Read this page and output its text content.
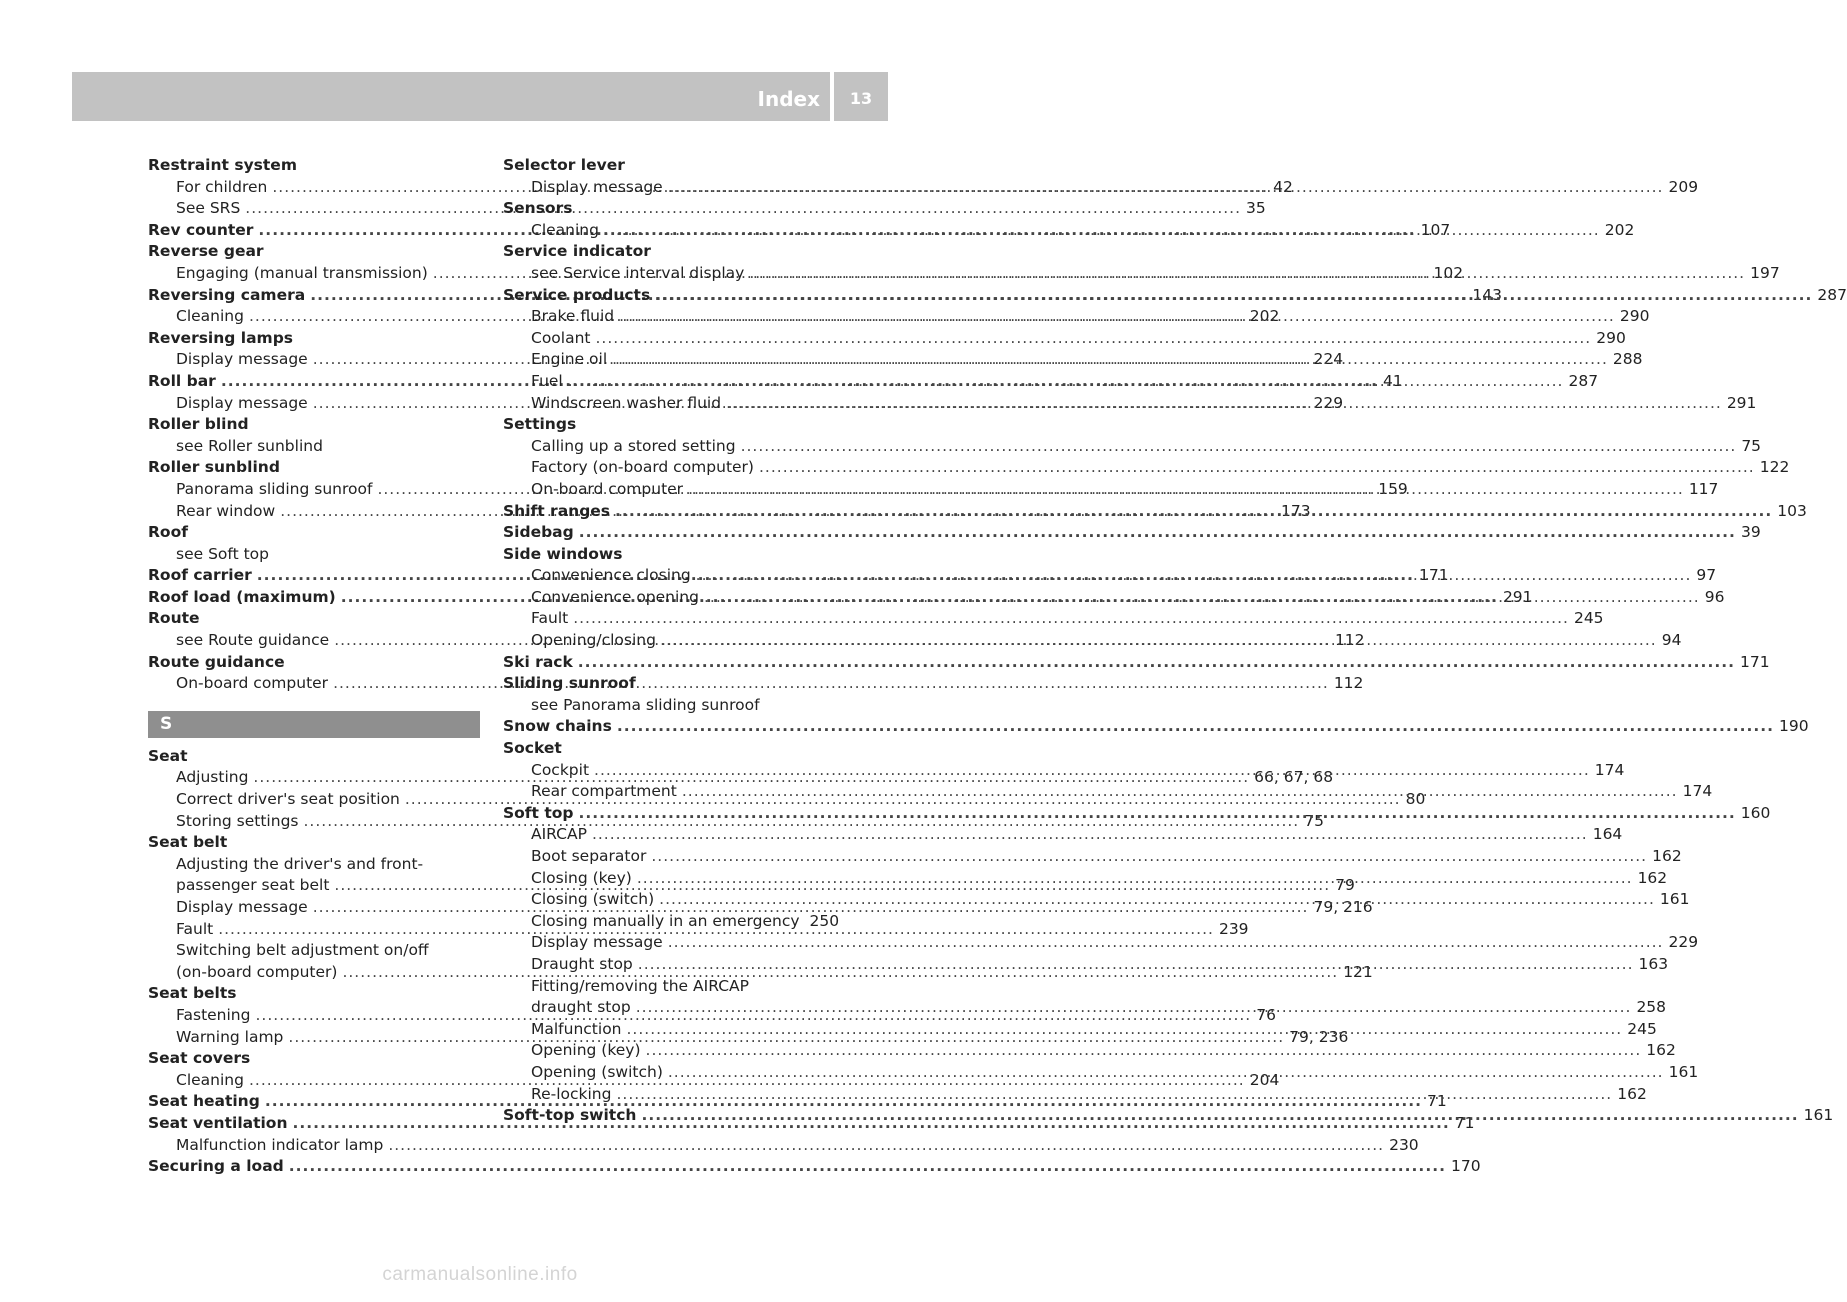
Index	13
Restraint system
For children .....	42
See SRS .....	35
Rev counter .....	107
Reverse gear
Engaging (manual transmission) .....	102
Reversing camera .....	143
Cleaning .....	202
Reversing lamps
Display message .....	224
Roll bar .....	41
Display message .....	229
Roller blind
see Roller sunblind
Roller sunblind
Panorama sliding sunroof .....	159
Rear window .....	173
Roof
see Soft top
Roof carrier .....	171
Roof load (maximum) .....	291
Route
see Route guidance .....	112
Route guidance
On-board computer .....	112
S
Seat
Adjusting .....	66, 67, 68
Correct driver's seat position .....	80
Storing settings .....	75
Seat belt
Adjusting the driver's and front-
passenger seat belt .....	79
Display message .....	79, 216
Fault .....	239
Switching belt adjustment on/off
(on-board computer) .....	121
Seat belts
Fastening .....	76
Warning lamp .....	79, 236
Seat covers
Cleaning .....	204
Seat heating .....	71
Seat ventilation .....	71
Malfunction indicator lamp .....	230
Securing a load .....	170
Selector lever
Display message .....	209
Sensors
Cleaning .....	202
Service indicator
see Service interval display .....	197
Service products .....	287
Brake fluid .....	290
Coolant .....	290
Engine oil .....	288
Fuel .....	287
Windscreen washer fluid .....	291
Settings
Calling up a stored setting .....	75
Factory (on-board computer) .....	122
On-board computer .....	117
Shift ranges .....	103
Sidebag .....	39
Side windows
Convenience closing .....	97
Convenience opening .....	96
Fault .....	245
Opening/closing .....	94
Ski rack .....	171
Sliding sunroof
see Panorama sliding sunroof
Snow chains .....	190
Socket
Cockpit .....	174
Rear compartment .....	174
Soft top .....	160
AIRCAP .....	164
Boot separator .....	162
Closing (key) .....	162
Closing (switch) .....	161
Closing manually in an emergency 250
Display message .....	229
Draught stop .....	163
Fitting/removing the AIRCAP
draught stop .....	258
Malfunction .....	245
Opening (key) .....	162
Opening (switch) .....	161
Re-locking .....	162
Soft-top switch .....	161
carmanualsonline.info
